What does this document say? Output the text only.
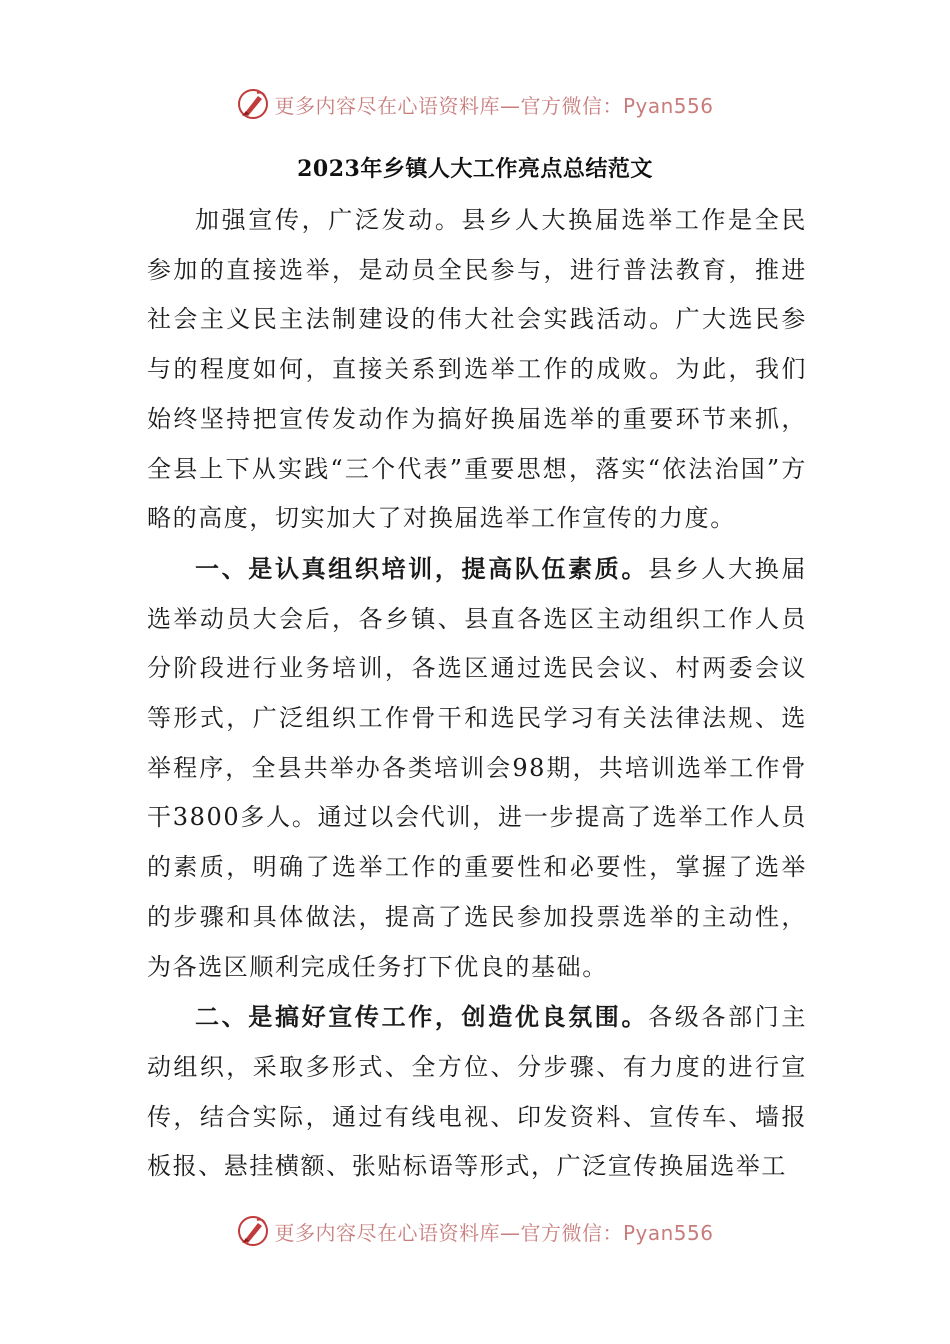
更多内容尽在心语资料库—官方微信：Pyan556
2023年乡镇人大工作亮点总结范文

加强宣传，广泛发动。县乡人大换届选举工作是全民参加的直接选举，是动员全民参与，进行普法教育，推进社会主义民主法制建设的伟大社会实践活动。广大选民参与的程度如何，直接关系到选举工作的成败。为此，我们始终坚持把宣传发动作为搞好换届选举的重要环节来抓，全县上下从实践“三个代表”重要思想，落实“依法治国”方略的高度，切实加大了对换届选举工作宣传的力度。

一、是认真组织培训，提高队伍素质。县乡人大换届选举动员大会后，各乡镇、县直各选区主动组织工作人员分阶段进行业务培训，各选区通过选民会议、村两委会议等形式，广泛组织工作骨干和选民学习有关法律法规、选举程序，全县共举办各类培训会98期，共培训选举工作骨干3800多人。通过以会代训，进一步提高了选举工作人员的素质，明确了选举工作的重要性和必要性，掌握了选举的步骤和具体做法，提高了选民参加投票选举的主动性，为各选区顺利完成任务打下优良的基础。

二、是搞好宣传工作，创造优良氛围。各级各部门主动组织，采取多形式、全方位、分步骤、有力度的进行宣传，结合实际，通过有线电视、印发资料、宣传车、墙报板报、悬挂横额、张贴标语等形式，广泛宣传换届选举工

更多内容尽在心语资料库—官方微信：Pyan556
